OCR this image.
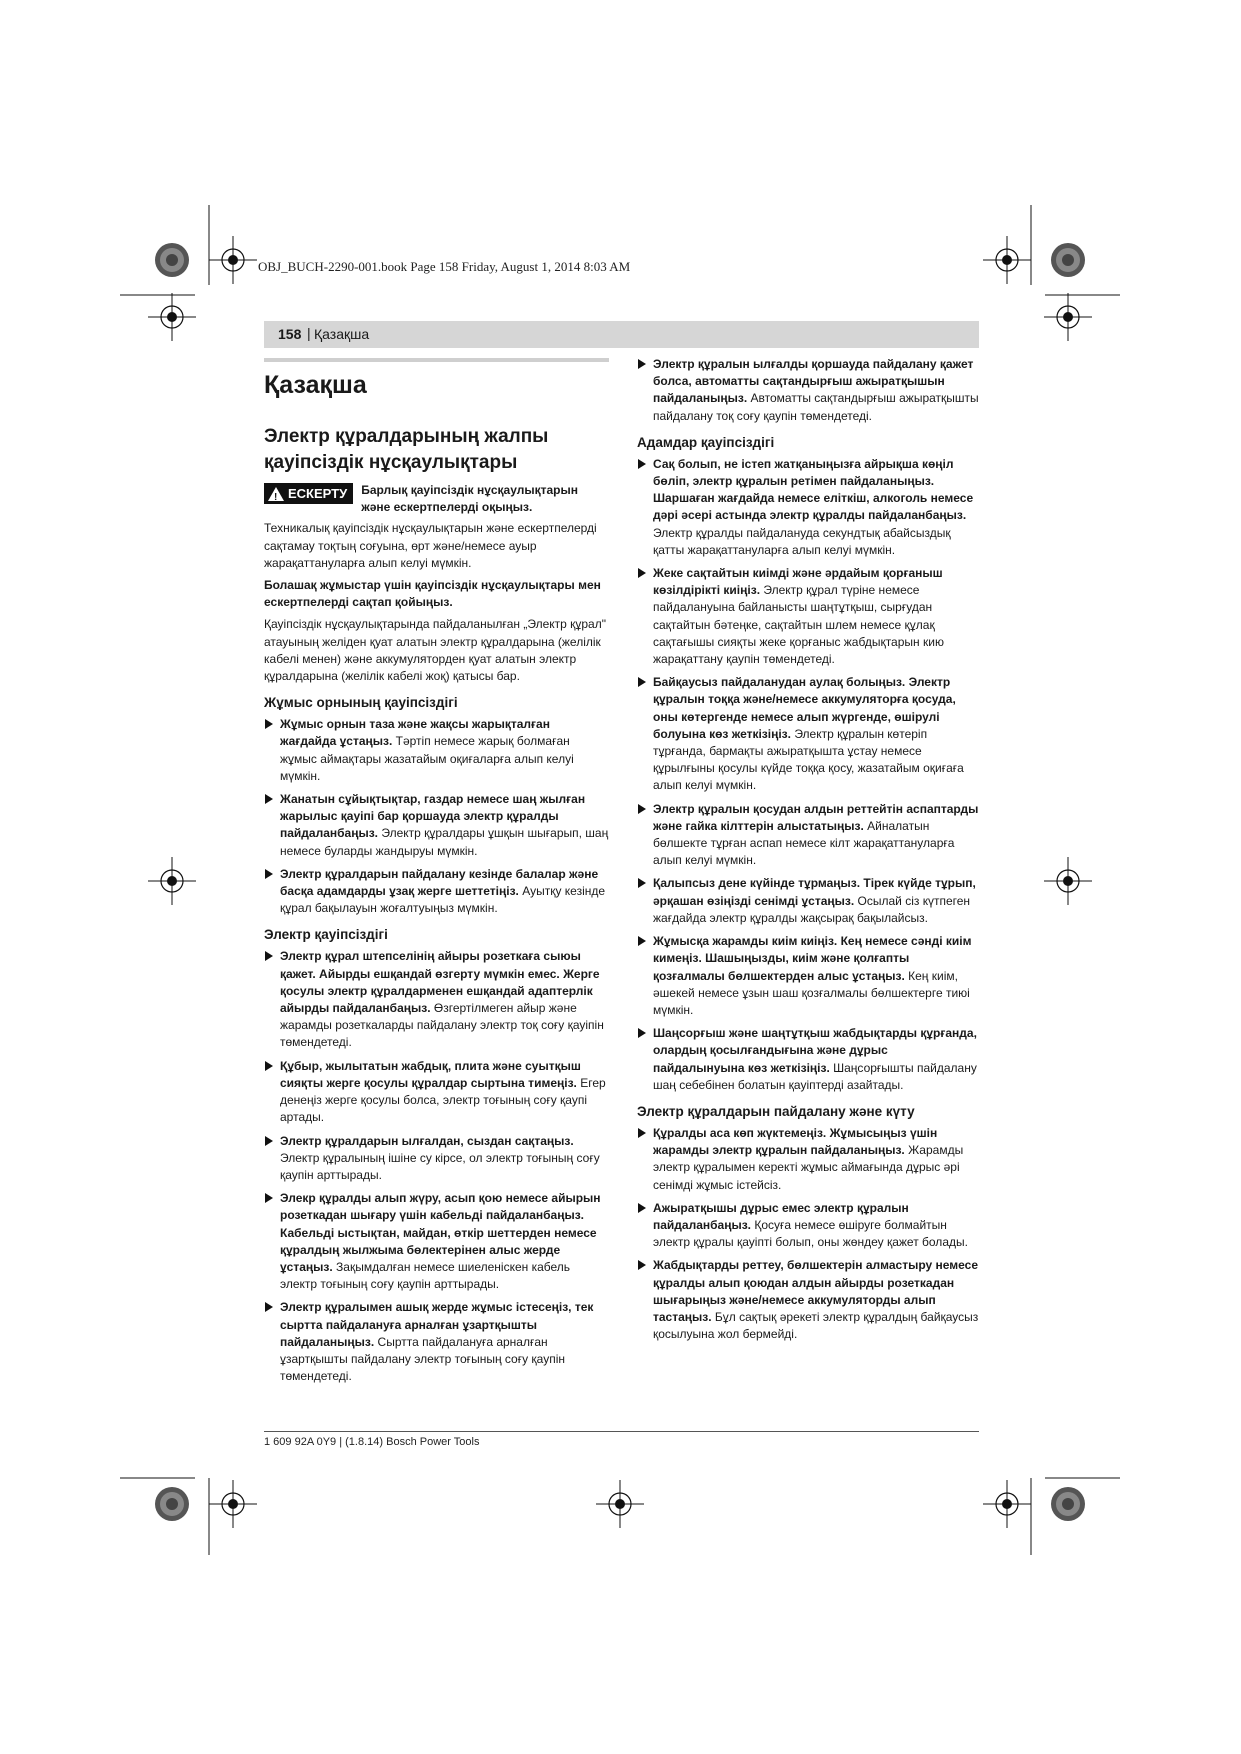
OBJ_BUCH-2290-001.book Page 158 Friday, August 1, 2014 8:03 AM
158 | Қазақша
Қазақша
Электр құралдарының жалпы қауіпсіздік нұсқаулықтары
! ЕСКЕРТУ Барлық қауіпсіздік нұсқаулықтарын және ескертпелерді оқыңыз.

Техникалық қауіпсіздік нұсқаулықтарын және ескертпелерді сақтамау тоқтың соғуына, өрт және/немесе ауыр жарақаттануларға алып келуі мүмкін.

Болашақ жұмыстар үшін қауіпсіздік нұсқаулықтары мен ескертпелерді сақтап қойыңыз.

Қауіпсіздік нұсқаулықтарында пайдаланылған „Электр құрал" атауының желіден қуат алатын электр құралдарына (желілік кабелі менен) және аккумуляторден қуат алатын электр құралдарына (желілік кабелі жоқ) қатысы бар.

Жұмыс орнының қауіпсіздігі
Жұмыс орнын таза және жақсы жарықталған жағдайда ұстаңыз. Тәртіп немесе жарық болмаған жұмыс аймақтары жазатайым оқиғаларға алып келуі мүмкін.
Жанатын сұйықтықтар, газдар немесе шаң жылған жарылыс қауіпі бар қоршауда электр құралды пайдаланбаңыз. Электр құралдары ұшқын шығарып, шаң немесе буларды жандыруы мүмкін.
Электр құралдарын пайдалану кезінде балалар және басқа адамдарды ұзақ жерге шеттетіңіз. Ауытқу кезінде құрал бақылауын жоғалтуыңыз мүмкін.
Электр қауіпсіздігі
Электр құрал штепселінің айыры розеткаға сыюы қажет. Айырды ешқандай өзгерту мүмкін емес. Жерге қосулы электр құралдарменен ешқандай адаптерлік айырды пайдаланбаңыз. Өзгертілмеген айыр және жарамды розеткаларды пайдалану электр тоқ соғу қауіпін төмендетеді.
Құбыр, жылытатын жабдық, плита және суытқыш сияқты жерге қосулы құралдар сыртына тимеңіз. Егер денеңіз жерге қосулы болса, электр тоғының соғу қаупі артады.
Электр құралдарын ылғалдан, сыздан сақтаңыз. Электр құралының ішіне су кірсе, ол электр тоғының соғу қаупін арттырады.
Элекр құралды алып жүру, асып қою немесе айырын розеткадан шығару үшін кабельді пайдаланбаңыз. Кабельді ыстықтан, майдан, өткір шеттерден немесе құралдың жылжыма бөлектерінен алыс жерде ұстаңыз. Зақымдалған немесе шиеленіскен кабель электр тоғының соғу қаупін арттырады.
Электр құралымен ашық жерде жұмыс істесеңіз, тек сыртта пайдалануға арналған ұзартқышты пайдаланыңыз. Сыртта пайдалануға арналған ұзартқышты пайдалану электр тоғының соғу қаупін төмендетеді.
Электр құралын ылғалды қоршауда пайдалану қажет болса, автоматты сақтандырғыш ажыратқышын пайдаланыңыз. Автоматты сақтандырғыш ажыратқышты пайдалану тоқ соғу қаупін төмендетеді.
Адамдар қауіпсіздігі
Сақ болып, не істеп жатқаныңызға айрықша көңіл бөліп, электр құралын ретімен пайдаланыңыз. Шаршаған жағдайда немесе еліткіш, алкоголь немесе дәрі әсері астында электр құралды пайдаланбаңыз. Электр құралды пайдалануда секундтық абайсыздық қатты жарақаттануларға алып келуі мүмкін.
Жеке сақтайтын киімді және әрдайым қорғаныш көзілдірікті киіңіз. Электр құрал түріне немесе пайдалануына байланысты шаңтұтқыш, сырғудан сақтайтын бәтеңке, сақтайтын шлем немесе құлақ сақтағышы сияқты жеке қорғаныс жабдықтарын кию жарақаттану қаупін төмендетеді.
Байқаусыз пайдаланудан аулақ болыңыз. Электр құралын тоққа және/немесе аккумуляторға қосуда, оны көтергенде немесе алып жүргенде, өшірулі болуына көз жеткізіңіз. Электр құралын көтеріп тұрғанда, бармақты ажыратқышта ұстау немесе құрылғыны қосулы күйде тоққа қосу, жазатайым оқиғаға алып келуі мүмкін.
Электр құралын қосудан алдын реттейтін аспаптарды және гайка кілттерін алыстатыңыз. Айналатын бөлшекте тұрған аспап немесе кілт жарақаттануларға алып келуі мүмкін.
Қалыпсыз дене күйінде тұрмаңыз. Тірек күйде тұрып, әрқашан өзіңізді сенімді ұстаңыз. Осылай сіз күтпеген жағдайда электр құралды жақсырақ бақылайсыз.
Жұмысқа жарамды киім киіңіз. Кең немесе сәнді киім кимеңіз. Шашыңызды, киім және қолғапты қозғалмалы бөлшектерден алыс ұстаңыз. Кең киім, әшекей немесе ұзын шаш қозғалмалы бөлшектерге тиюі мүмкін.
Шаңсорғыш және шаңтұтқыш жабдықтарды құрғанда, олардың қосылғандығына және дұрыс пайдалынуына көз жеткізіңіз. Шаңсорғышты пайдалану шаң себебінен болатын қауіптерді азайтады.
Электр құралдарын пайдалану және күту
Құралды аса көп жүктемеңіз. Жұмысыңыз үшін жарамды электр құралын пайдаланыңыз. Жарамды электр құралымен керекті жұмыс аймағында дұрыс әрі сенімді жұмыс істейсіз.
Ажыратқышы дұрыс емес электр құралын пайдаланбаңыз. Қосуға немесе өшіруге болмайтын электр құралы қауіпті болып, оны жөндеу қажет болады.
Жабдықтарды реттеу, бөлшектерін алмастыру немесе құралды алып қоюдан алдын айырды розеткадан шығарыңыз және/немесе аккумуляторды алып тастаңыз. Бұл сақтық әрекеті электр құралдың байқаусыз қосылуына жол бермейді.
1 609 92A 0Y9 | (1.8.14) Bosch Power Tools
